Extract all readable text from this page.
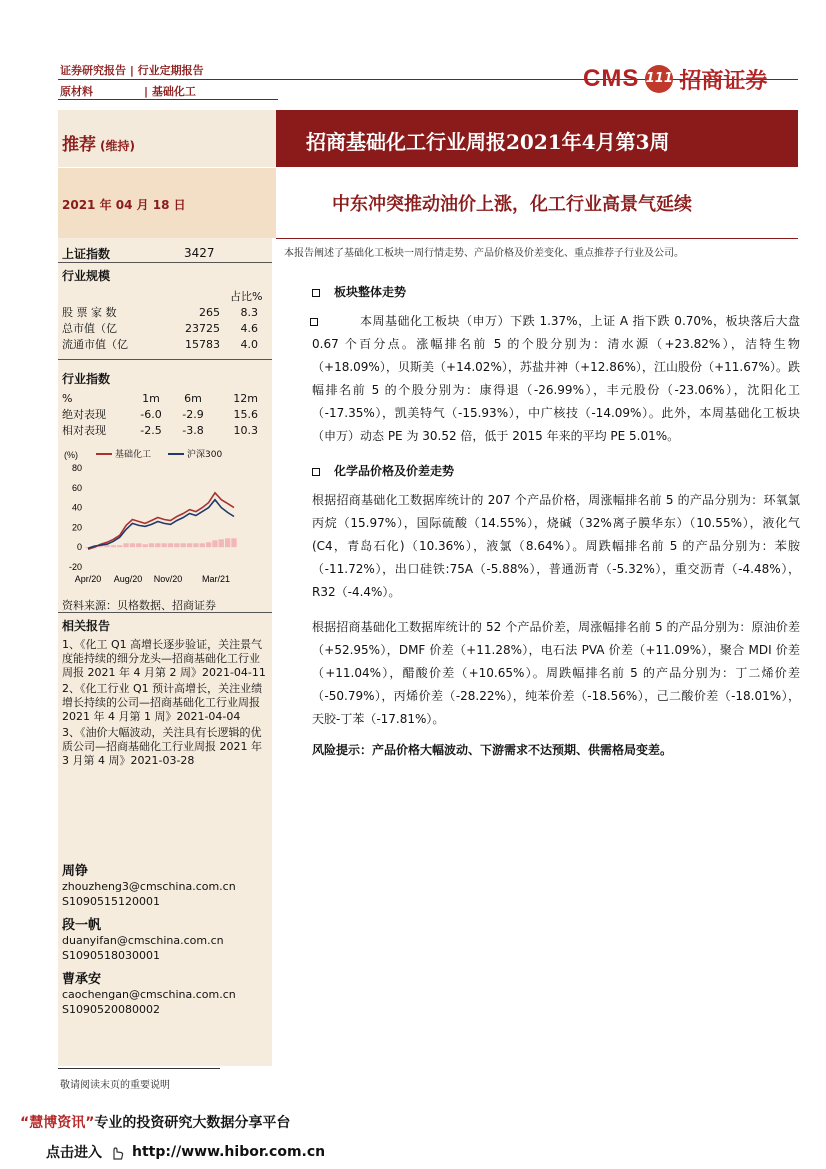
证券研究报告 | 行业定期报告
原材料	| 基础化工	CMS 111 招商证券
推荐 (维持)	招商基础化工行业周报2021年4月第3周
2021 年 04 月 18 日	中东冲突推动油价上涨，化工行业高景气延续
上证指数	3427
行业规模
占比%
股 票 家 数	265	8.3
总市值（亿	23725	4.6
流通市值（亿	15783	4.0
行业指数
%	1m	6m	12m
绝对表现	-6.0	-2.9	15.6
相对表现	-2.5	-3.8	10.3
(%)	基础化工	沪深300
80
60
40
20
0
-20
Apr/20 Aug/20 Nov/20 Mar/21
资料来源：贝格数据、招商证券
相关报告
1、《化工 Q1 高增长逐步验证，关注景气度能持续的细分龙头—招商基础化工行业周报 2021 年 4 月第 2 周》2021-04-11
2、《化工行业 Q1 预计高增长，关注业绩增长持续的公司—招商基础化工行业周报 2021 年 4 月第 1 周》2021-04-04
3、《油价大幅波动，关注具有长逻辑的优质公司—招商基础化工行业周报 2021 年 3 月第 4 周》2021-03-28
周铮
zhouzheng3@cmschina.com.cn
S1090515120001
段一帆
duanyifan@cmschina.com.cn
S1090518030001
曹承安
caochengan@cmschina.com.cn
S1090520080002

本报告阐述了基础化工板块一周行情走势、产品价格及价差变化、重点推荐子行业及公司。

板块整体走势

本周基础化工板块（申万）下跌 1.37%，上证 A 指下跌 0.70%，板块落后大盘 0.67 个百分点。涨幅排名前 5 的个股分别为：清水源（+23.82%），洁特生物（+18.09%），贝斯美（+14.02%），苏盐井神（+12.86%），江山股份（+11.67%）。跌幅排名前 5 的个股分别为：康得退（-26.99%），丰元股份（-23.06%），沈阳化工（-17.35%），凯美特气（-15.93%），中广核技（-14.09%）。此外，本周基础化工板块（申万）动态 PE 为 30.52 倍，低于 2015 年来的平均 PE 5.01%。

化学品价格及价差走势

根据招商基础化工数据库统计的 207 个产品价格，周涨幅排名前 5 的产品分别为：环氧氯丙烷（15.97%），国际硫酸（14.55%），烧碱（32%离子膜华东）（10.55%），液化气(C4，青岛石化)（10.36%），液氯（8.64%）。周跌幅排名前 5 的产品分别为：苯胺（-11.72%），出口硅铁:75A（-5.88%），普通沥青（-5.32%），重交沥青（-4.48%），R32（-4.4%）。

根据招商基础化工数据库统计的 52 个产品价差，周涨幅排名前 5 的产品分别为：原油价差（+52.95%），DMF 价差（+11.28%），电石法 PVA 价差（+11.09%），聚合 MDI 价差（+11.04%），醋酸价差（+10.65%）。周跌幅排名前 5 的产品分别为：丁二烯价差（-50.79%），丙烯价差（-28.22%），纯苯价差（-18.56%），己二酸价差（-18.01%），天胶-丁苯（-17.81%）。

风险提示：产品价格大幅波动、下游需求不达预期、供需格局变差。

敬请阅读末页的重要说明
“慧博资讯”专业的投资研究大数据分享平台
点击进入 http://www.hibor.com.cn
